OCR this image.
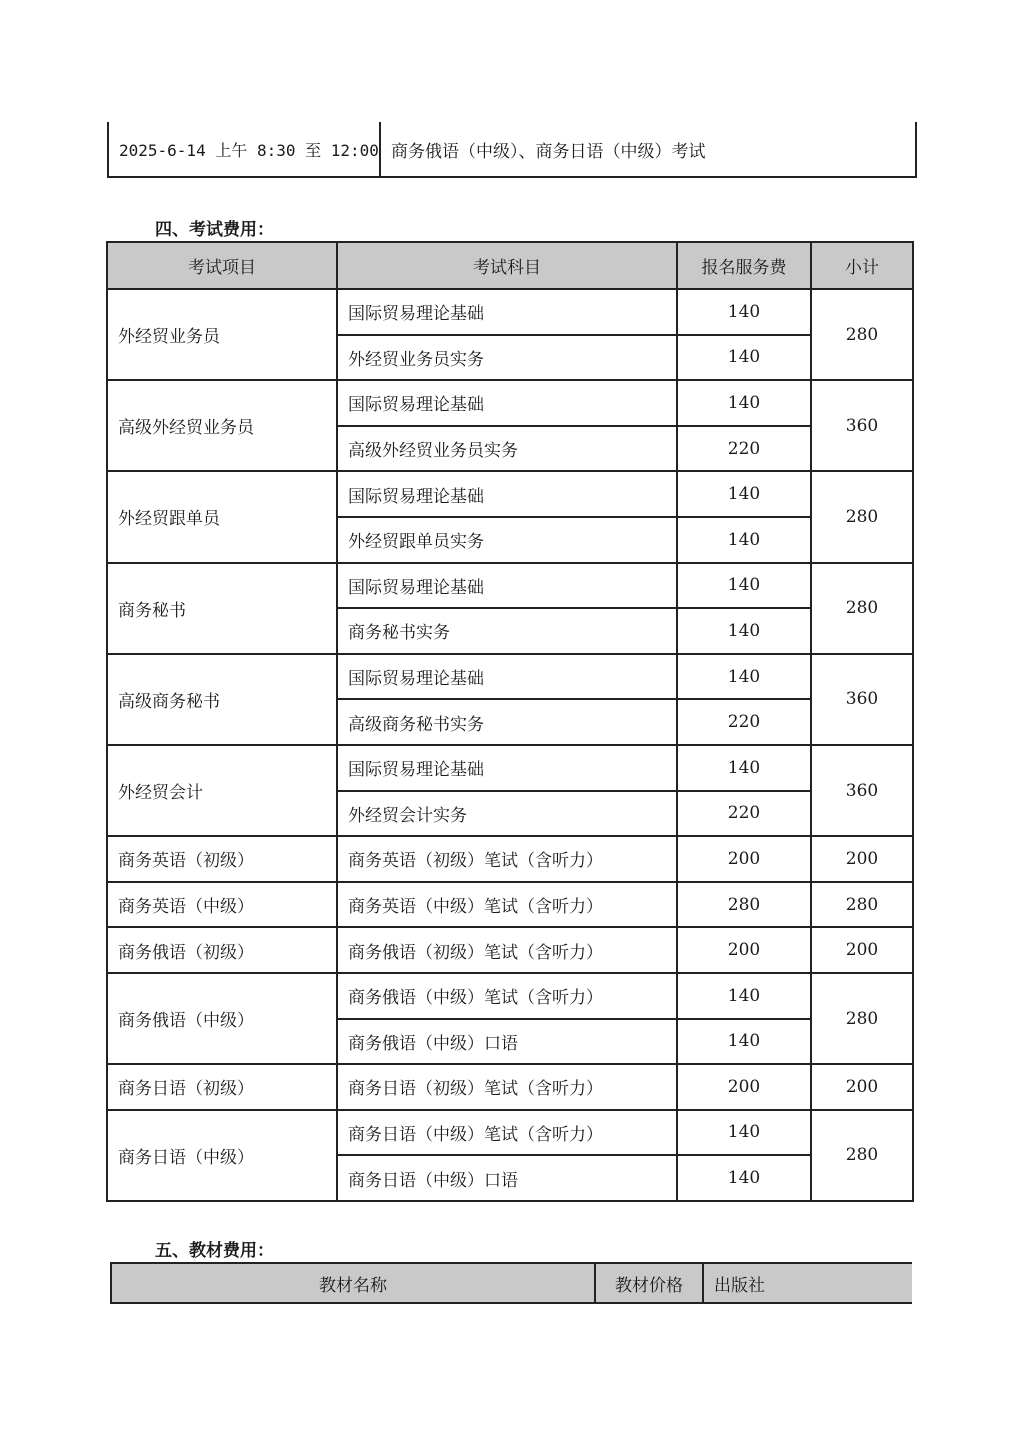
2025-6-14 上午 8:30 至 12:00	商务俄语（中级）、商务日语（中级）考试
四、考试费用：
考试项目	考试科目	报名服务费	小计
外经贸业务员	国际贸易理论基础	140	280
	外经贸业务员实务	140	
高级外经贸业务员	国际贸易理论基础	140	360
	高级外经贸业务员实务	220	
外经贸跟单员	国际贸易理论基础	140	280
	外经贸跟单员实务	140	
商务秘书	国际贸易理论基础	140	280
	商务秘书实务	140	
高级商务秘书	国际贸易理论基础	140	360
	高级商务秘书实务	220	
外经贸会计	国际贸易理论基础	140	360
	外经贸会计实务	220	
商务英语（初级）	商务英语（初级）笔试（含听力）	200	200
商务英语（中级）	商务英语（中级）笔试（含听力）	280	280
商务俄语（初级）	商务俄语（初级）笔试（含听力）	200	200
商务俄语（中级）	商务俄语（中级）笔试（含听力）	140	280
	商务俄语（中级）口语	140	
商务日语（初级）	商务日语（初级）笔试（含听力）	200	200
商务日语（中级）	商务日语（中级）笔试（含听力）	140	280
	商务日语（中级）口语	140	
五、教材费用：
教材名称	教材价格	出版社
